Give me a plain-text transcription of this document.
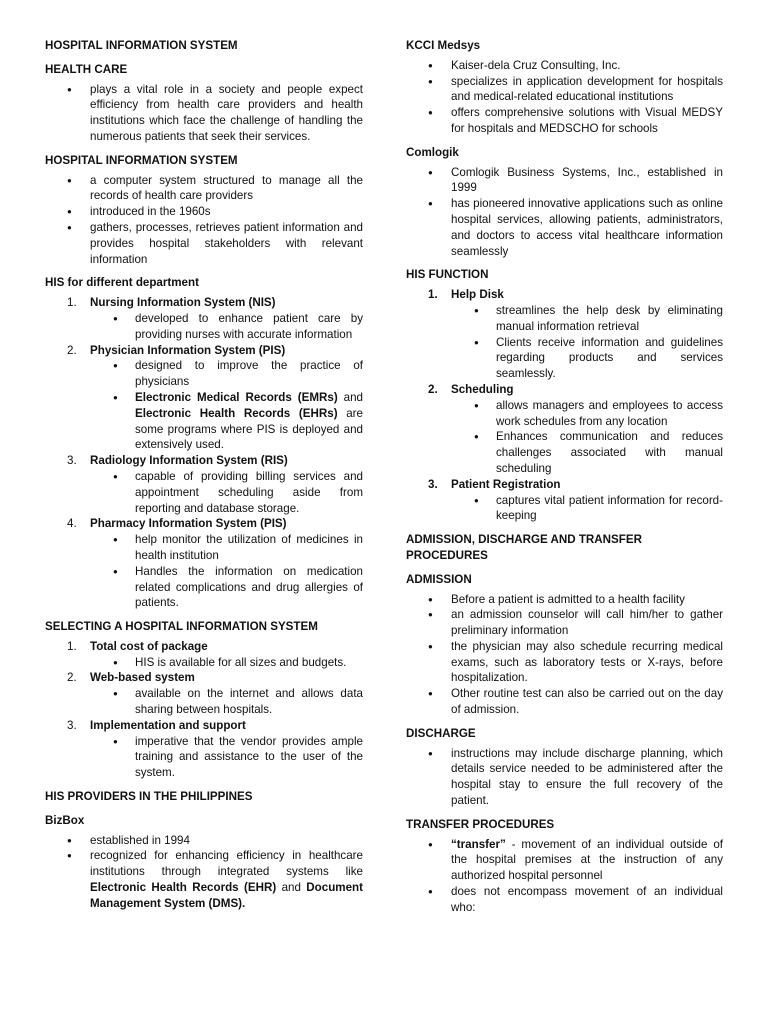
HOSPITAL INFORMATION SYSTEM

HEALTH CARE

● plays a vital role in a society and people expect efficiency from health care providers and health institutions which face the challenge of handling the numerous patients that seek their services.

HOSPITAL INFORMATION SYSTEM

● a computer system structured to manage all the records of health care providers
● introduced in the 1960s
● gathers, processes, retrieves patient information and provides hospital stakeholders with relevant information

HIS for different department

1. Nursing Information System (NIS)
● developed to enhance patient care by providing nurses with accurate information
2. Physician Information System (PIS)
● designed to improve the practice of physicians
● Electronic Medical Records (EMRs) and Electronic Health Records (EHRs) are some programs where PIS is deployed and extensively used.
3. Radiology Information System (RIS)
● capable of providing billing services and appointment scheduling aside from reporting and database storage.
4. Pharmacy Information System (PIS)
● help monitor the utilization of medicines in health institution
● Handles the information on medication related complications and drug allergies of patients.

SELECTING A HOSPITAL INFORMATION SYSTEM

1. Total cost of package
● HIS is available for all sizes and budgets.
2. Web-based system
● available on the internet and allows data sharing between hospitals.
3. Implementation and support
● imperative that the vendor provides ample training and assistance to the user of the system.

HIS PROVIDERS IN THE PHILIPPINES

BizBox

● established in 1994
● recognized for enhancing efficiency in healthcare institutions through integrated systems like Electronic Health Records (EHR) and Document Management System (DMS).

KCCI Medsys

● Kaiser-dela Cruz Consulting, Inc.
● specializes in application development for hospitals and medical-related educational institutions
● offers comprehensive solutions with Visual MEDSY for hospitals and MEDSCHO for schools

Comlogik

● Comlogik Business Systems, Inc., established in 1999
● has pioneered innovative applications such as online hospital services, allowing patients, administrators, and doctors to access vital healthcare information seamlessly

HIS FUNCTION

1. Help Disk
● streamlines the help desk by eliminating manual information retrieval
● Clients receive information and guidelines regarding products and services seamlessly.
2. Scheduling
● allows managers and employees to access work schedules from any location
● Enhances communication and reduces challenges associated with manual scheduling
3. Patient Registration
● captures vital patient information for record-keeping

ADMISSION, DISCHARGE AND TRANSFER PROCEDURES

ADMISSION

● Before a patient is admitted to a health facility
● an admission counselor will call him/her to gather preliminary information
● the physician may also schedule recurring medical exams, such as laboratory tests or X-rays, before hospitalization.
● Other routine test can also be carried out on the day of admission.

DISCHARGE

● instructions may include discharge planning, which details service needed to be administered after the hospital stay to ensure the full recovery of the patient.

TRANSFER PROCEDURES

● “transfer” - movement of an individual outside of the hospital premises at the instruction of any authorized hospital personnel
● does not encompass movement of an individual who:
